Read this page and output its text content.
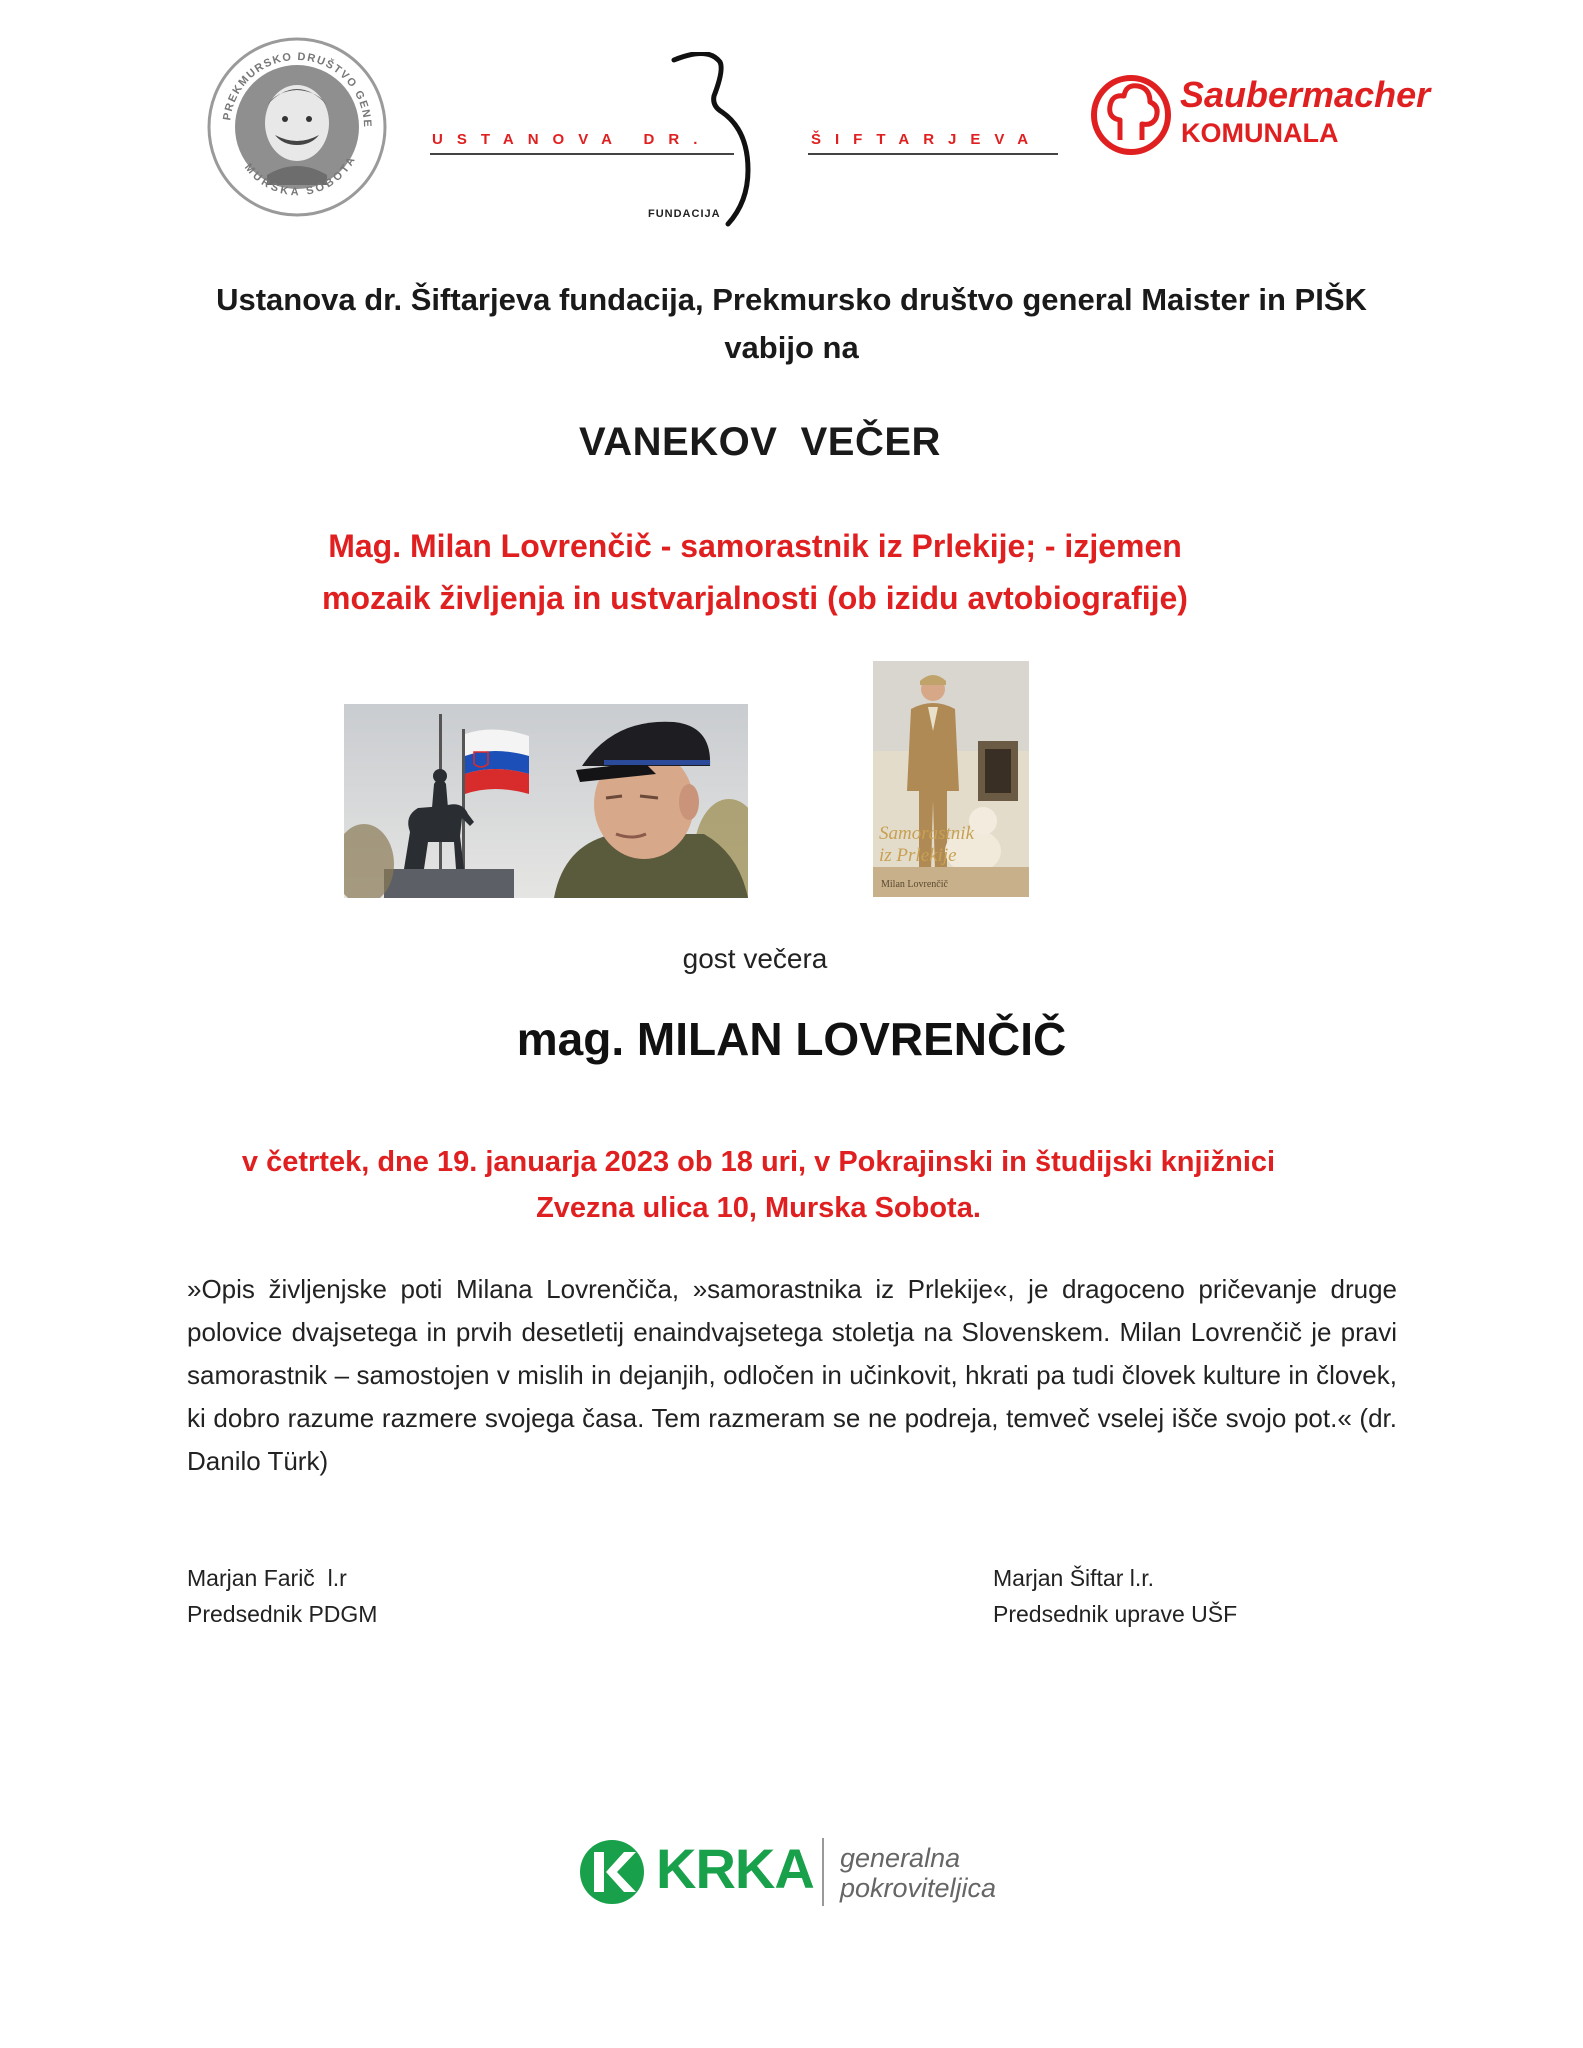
PREKMURSKO DRUŠTVO GENE
MURSKA SOBOTA
USTANOVA DR.	ŠIFTARJEVA
FUNDACIJA
Saubermacher
KOMUNALA
Ustanova dr. Šiftarjeva fundacija, Prekmursko društvo general Maister in PIŠK
vabijo na
VANEKOV  VEČER
Mag. Milan Lovrenčič - samorastnik iz Prlekije; - izjemen
mozaik življenja in ustvarjalnosti (ob izidu avtobiografije)
Samorastnik
iz Prlekije
Milan Lovrenčič
gost večera
mag. MILAN LOVRENČIČ
v četrtek, dne 19. januarja 2023 ob 18 uri, v Pokrajinski in študijski knjižnici
Zvezna ulica 10, Murska Sobota.
»Opis življenjske poti Milana Lovrenčiča, »samorastnika iz Prlekije«, je dragoceno pričevanje druge polovice dvajsetega in prvih desetletij enaindvajsetega stoletja na Slovenskem. Milan Lovrenčič je pravi samorastnik – samostojen v mislih in dejanjih, odločen in učinkovit, hkrati pa tudi človek kulture in človek, ki dobro razume razmere svojega časa. Tem razmeram se ne podreja, temveč vselej išče svojo pot.« (dr. Danilo Türk)
Marjan Farič  l.r
Predsednik PDGM
Marjan Šiftar l.r.
Predsednik uprave UŠF
KRKA generalna
pokroviteljica
